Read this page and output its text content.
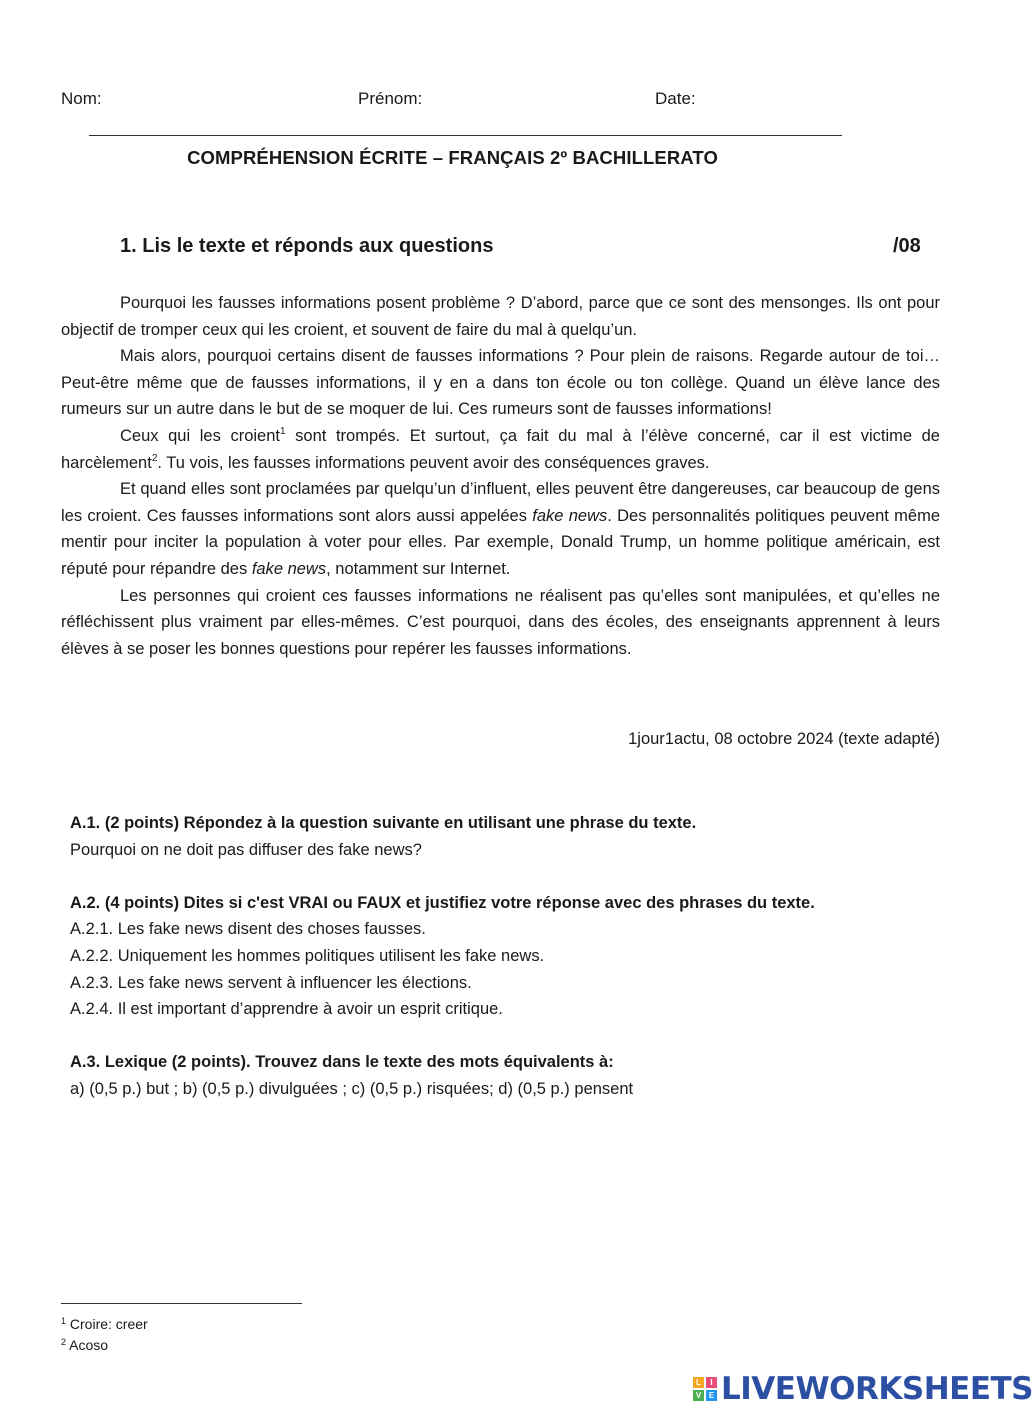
Nom:	Prénom:	Date:
COMPRÉHENSION ÉCRITE – FRANÇAIS 2º BACHILLERATO
1. Lis le texte et réponds aux questions	/08

Pourquoi les fausses informations posent problème ? D’abord, parce que ce sont des mensonges. Ils ont pour objectif de tromper ceux qui les croient, et souvent de faire du mal à quelqu’un.

Mais alors, pourquoi certains disent de fausses informations ? Pour plein de raisons. Regarde autour de toi… Peut-être même que de fausses informations, il y en a dans ton école ou ton collège. Quand un élève lance des rumeurs sur un autre dans le but de se moquer de lui. Ces rumeurs sont de fausses informations!

Ceux qui les croient$^1$ sont trompés. Et surtout, ça fait du mal à l’élève concerné, car il est victime de harcèlement$^2$. Tu vois, les fausses informations peuvent avoir des conséquences graves.

Et quand elles sont proclamées par quelqu’un d’influent, elles peuvent être dangereuses, car beaucoup de gens les croient. Ces fausses informations sont alors aussi appelées fake news. Des personnalités politiques peuvent même mentir pour inciter la population à voter pour elles. Par exemple, Donald Trump, un homme politique américain, est réputé pour répandre des fake news, notamment sur Internet.

Les personnes qui croient ces fausses informations ne réalisent pas qu’elles sont manipulées, et qu’elles ne réfléchissent plus vraiment par elles-mêmes. C’est pourquoi, dans des écoles, des enseignants apprennent à leurs élèves à se poser les bonnes questions pour repérer les fausses informations.

1jour1actu, 08 octobre 2024 (texte adapté)
A.1. (2 points) Répondez à la question suivante en utilisant une phrase du texte.
Pourquoi on ne doit pas diffuser des fake news?
A.2. (4 points) Dites si c'est VRAI ou FAUX et justifiez votre réponse avec des phrases du texte.
A.2.1. Les fake news disent des choses fausses.
A.2.2. Uniquement les hommes politiques utilisent les fake news.
A.2.3. Les fake news servent à influencer les élections.
A.2.4. Il est important d’apprendre à avoir un esprit critique.
A.3. Lexique (2 points). Trouvez dans le texte des mots équivalents à:
a) (0,5 p.) but ; b) (0,5 p.) divulguées ; c) (0,5 p.) risquées; d) (0,5 p.) pensent
$^1$ Croire: creer
$^2$ Acoso
L	I
V E LIVEWORKSHEETS
